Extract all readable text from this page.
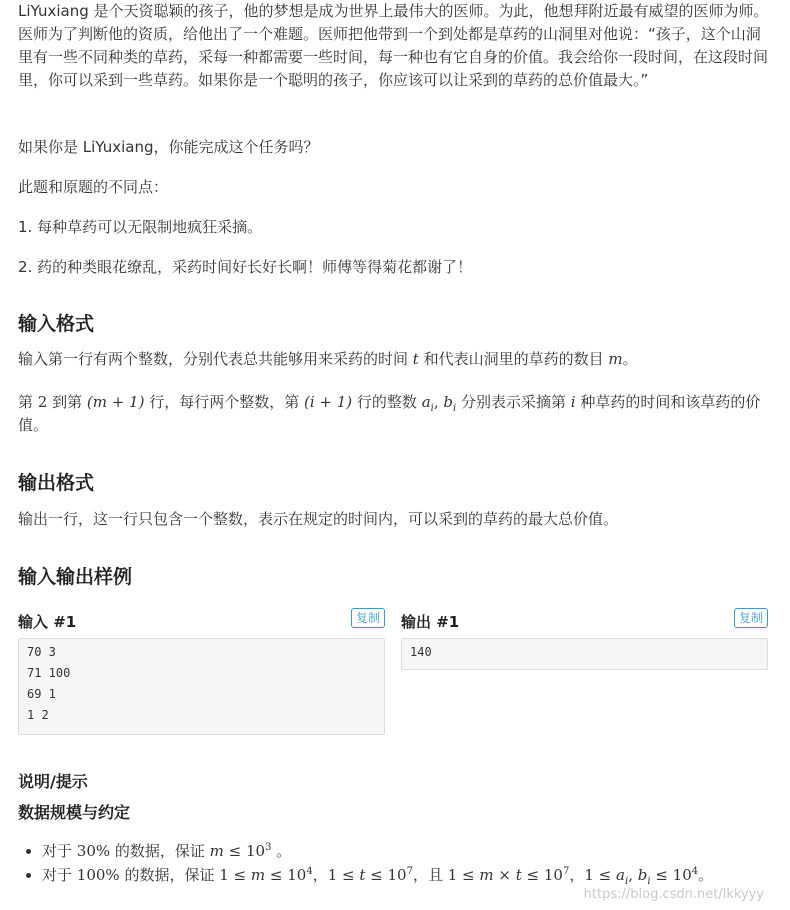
LiYuxiang 是个天资聪颖的孩子，他的梦想是成为世界上最伟大的医师。为此，他想拜附近最有威望的医师为师。医师为了判断他的资质，给他出了一个难题。医师把他带到一个到处都是草药的山洞里对他说：“孩子，这个山洞里有一些不同种类的草药，采每一种都需要一些时间，每一种也有它自身的价值。我会给你一段时间，在这段时间里，你可以采到一些草药。如果你是一个聪明的孩子，你应该可以让采到的草药的总价值最大。”

如果你是 LiYuxiang，你能完成这个任务吗？

此题和原题的不同点：

1. 每种草药可以无限制地疯狂采摘。

2. 药的种类眼花缭乱，采药时间好长好长啊！师傅等得菊花都谢了！

输入格式

输入第一行有两个整数，分别代表总共能够用来采药的时间 t 和代表山洞里的草药的数目 m。

第 2 到第 (m + 1) 行，每行两个整数，第 (i + 1) 行的整数 $a_i$, $b_i$ 分别表示采摘第 i 种草药的时间和该草药的价值。

输出格式

输出一行，这一行只包含一个整数，表示在规定的时间内，可以采到的草药的最大总价值。

输入输出样例
输入 #1	复制
70 3
71 100
69 1
1 2
输出 #1	复制
140
说明/提示
数据规模与约定
• 对于 30% 的数据，保证 $m \le 10^3$ 。
• 对于 100% 的数据，保证 $1 \le m \le 10^4$，$1 \le t \le 10^7$，且 $1 \le m \times t \le 10^7$，$1 \le a_i$, $b_i \le 10^4$。
https://blog.csdn.net/lkkyyy
